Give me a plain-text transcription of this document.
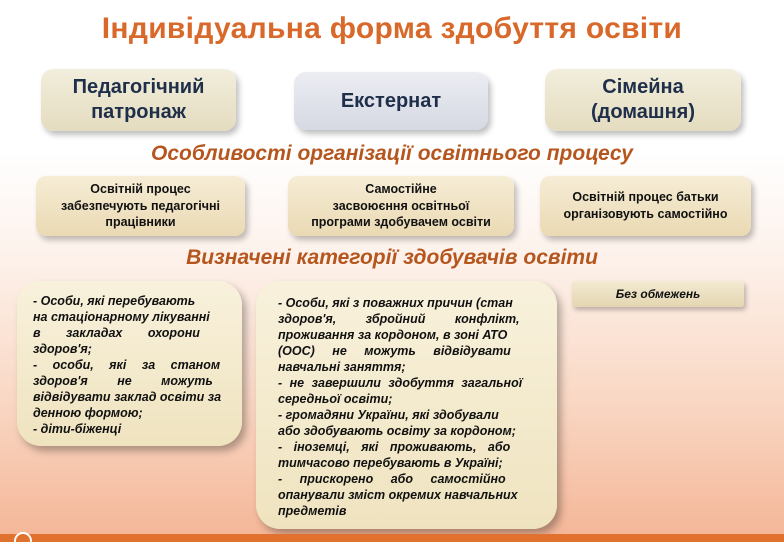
Індивідуальна форма здобуття освіти
Педагогічний
патронаж
Екстернат
Сімейна
(домашня)
Особливості організації освітнього процесу
Освітній процес
забезпечують педагогічні
працівники
Самостійне
засвоюєння освітньої
програми здобувачем освіти
Освітній процес батьки
організовують самостійно
Визначені категорії здобувачів освіти
- Особи, які перебувають
на стаціонарному лікуванні
в закладах охорони
здоров'я;
- особи, які за станом
здоров'я не можуть
відвідувати заклад освіти за
денною формою;
- діти-біженці
- Особи, які з поважних причин (стан
здоров'я, збройний конфлікт,
проживання за кордоном, в зоні АТО
(ООС) не можуть відвідувати
навчальні заняття;
- не завершили здобуття загальної
середньої освіти;
- громадяни України, які здобували
або здобувають освіту за кордоном;
- іноземці, які проживають, або
тимчасово перебувають в Україні;
- прискорено або самостійно
опанували зміст окремих навчальних
предметів
Без обмежень
